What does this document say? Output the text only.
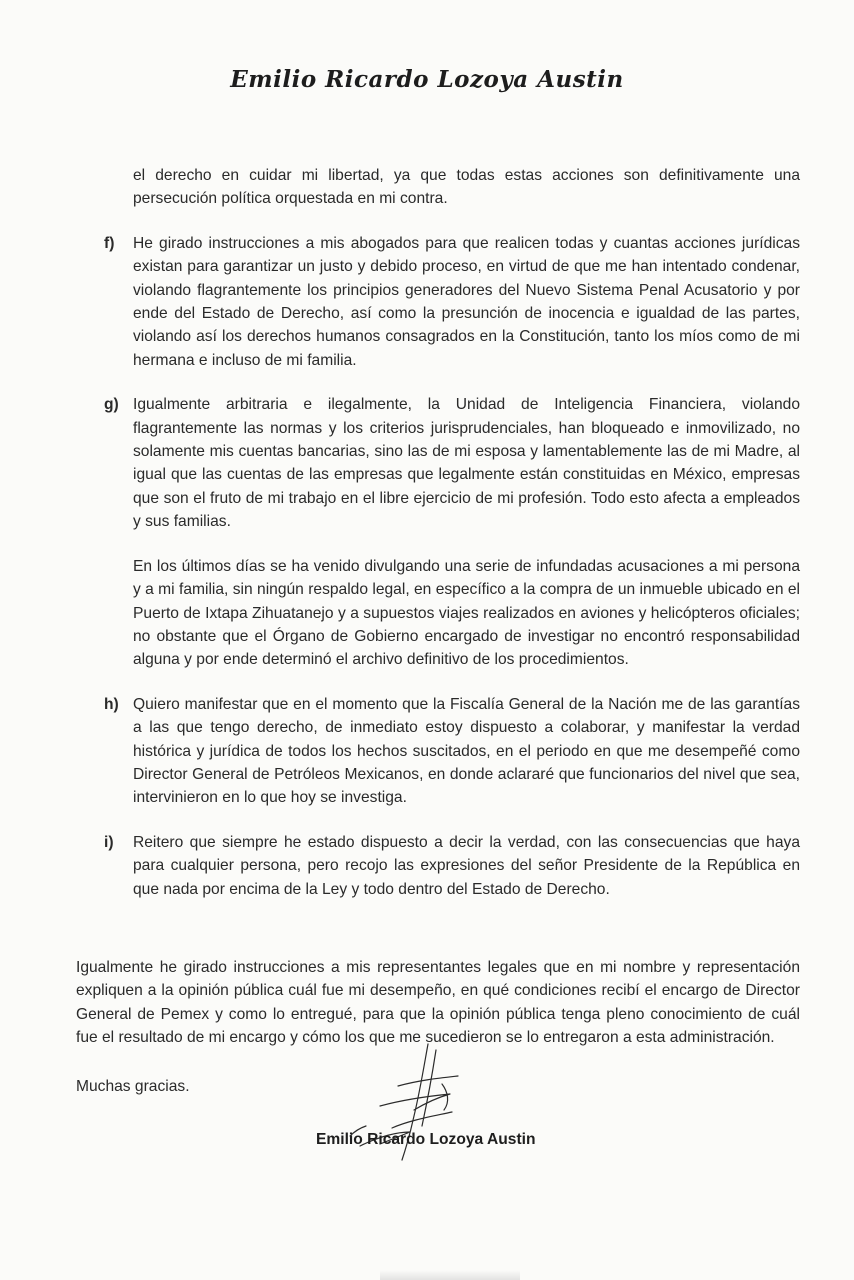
Emilio Ricardo Lozoya Austin

el derecho en cuidar mi libertad, ya que todas estas acciones son definitivamente una persecución política orquestada en mi contra.

f) He girado instrucciones a mis abogados para que realicen todas y cuantas acciones jurídicas existan para garantizar un justo y debido proceso, en virtud de que me han intentado condenar, violando flagrantemente los principios generadores del Nuevo Sistema Penal Acusatorio y por ende del Estado de Derecho, así como la presunción de inocencia e igualdad de las partes, violando así los derechos humanos consagrados en la Constitución, tanto los míos como de mi hermana e incluso de mi familia.
g) Igualmente arbitraria e ilegalmente, la Unidad de Inteligencia Financiera, violando flagrantemente las normas y los criterios jurisprudenciales, han bloqueado e inmovilizado, no solamente mis cuentas bancarias, sino las de mi esposa y lamentablemente las de mi Madre, al igual que las cuentas de las empresas que legalmente están constituidas en México, empresas que son el fruto de mi trabajo en el libre ejercicio de mi profesión. Todo esto afecta a empleados y sus familias.

En los últimos días se ha venido divulgando una serie de infundadas acusaciones a mi persona y a mi familia, sin ningún respaldo legal, en específico a la compra de un inmueble ubicado en el Puerto de Ixtapa Zihuatanejo y a supuestos viajes realizados en aviones y helicópteros oficiales; no obstante que el Órgano de Gobierno encargado de investigar no encontró responsabilidad alguna y por ende determinó el archivo definitivo de los procedimientos.

h) Quiero manifestar que en el momento que la Fiscalía General de la Nación me de las garantías a las que tengo derecho, de inmediato estoy dispuesto a colaborar, y manifestar la verdad histórica y jurídica de todos los hechos suscitados, en el periodo en que me desempeñé como Director General de Petróleos Mexicanos, en donde aclararé que funcionarios del nivel que sea, intervinieron en lo que hoy se investiga.
i) Reitero que siempre he estado dispuesto a decir la verdad, con las consecuencias que haya para cualquier persona, pero recojo las expresiones del señor Presidente de la República en que nada por encima de la Ley y todo dentro del Estado de Derecho.

Igualmente he girado instrucciones a mis representantes legales que en mi nombre y representación expliquen a la opinión pública cuál fue mi desempeño, en qué condiciones recibí el encargo de Director General de Pemex y como lo entregué, para que la opinión pública tenga pleno conocimiento de cuál fue el resultado de mi encargo y cómo los que me sucedieron se lo entregaron a esta administración.

Muchas gracias.

Emilio Ricardo Lozoya Austin
